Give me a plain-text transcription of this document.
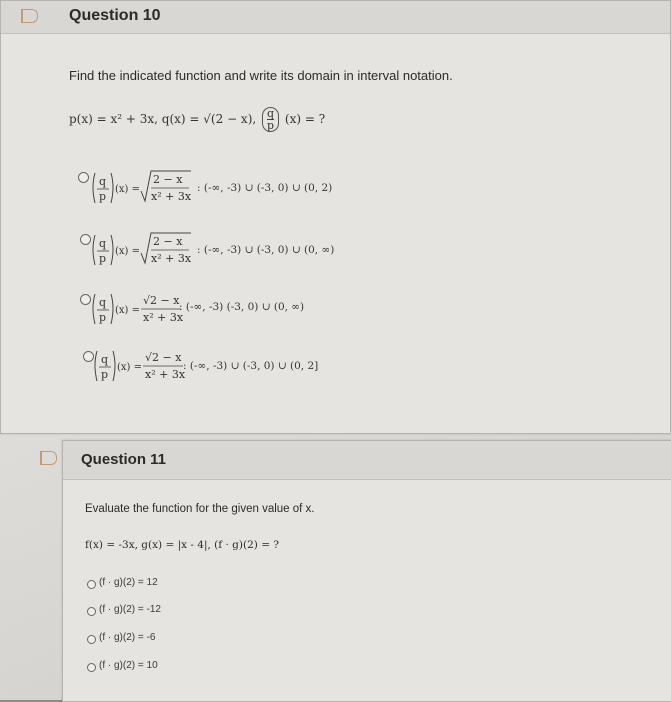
Question 10
Find the indicated function and write its domain in interval notation.
p(x) = x² + 3x, q(x) = √(2 − x), q
p (x) = ?
q
p
(x) =
2 − x
x² + 3x
: (-∞, -3) ∪ (-3, 0) ∪ (0, 2)
q
p
(x) =
2 − x
x² + 3x
: (-∞, -3) ∪ (-3, 0) ∪ (0, ∞)
q
p
(x) =
√2 − x
x² + 3x
: (-∞, -3) (-3, 0) ∪ (0, ∞)
q
p
(x) =
√2 − x
x² + 3x
: (-∞, -3) ∪ (-3, 0) ∪ (0, 2]
Question 11
Evaluate the function for the given value of x.
f(x) = -3x, g(x) = |x - 4|, (f · g)(2) = ?
(f · g)(2) = 12
(f · g)(2) = -12
(f · g)(2) = -6
(f · g)(2) = 10
